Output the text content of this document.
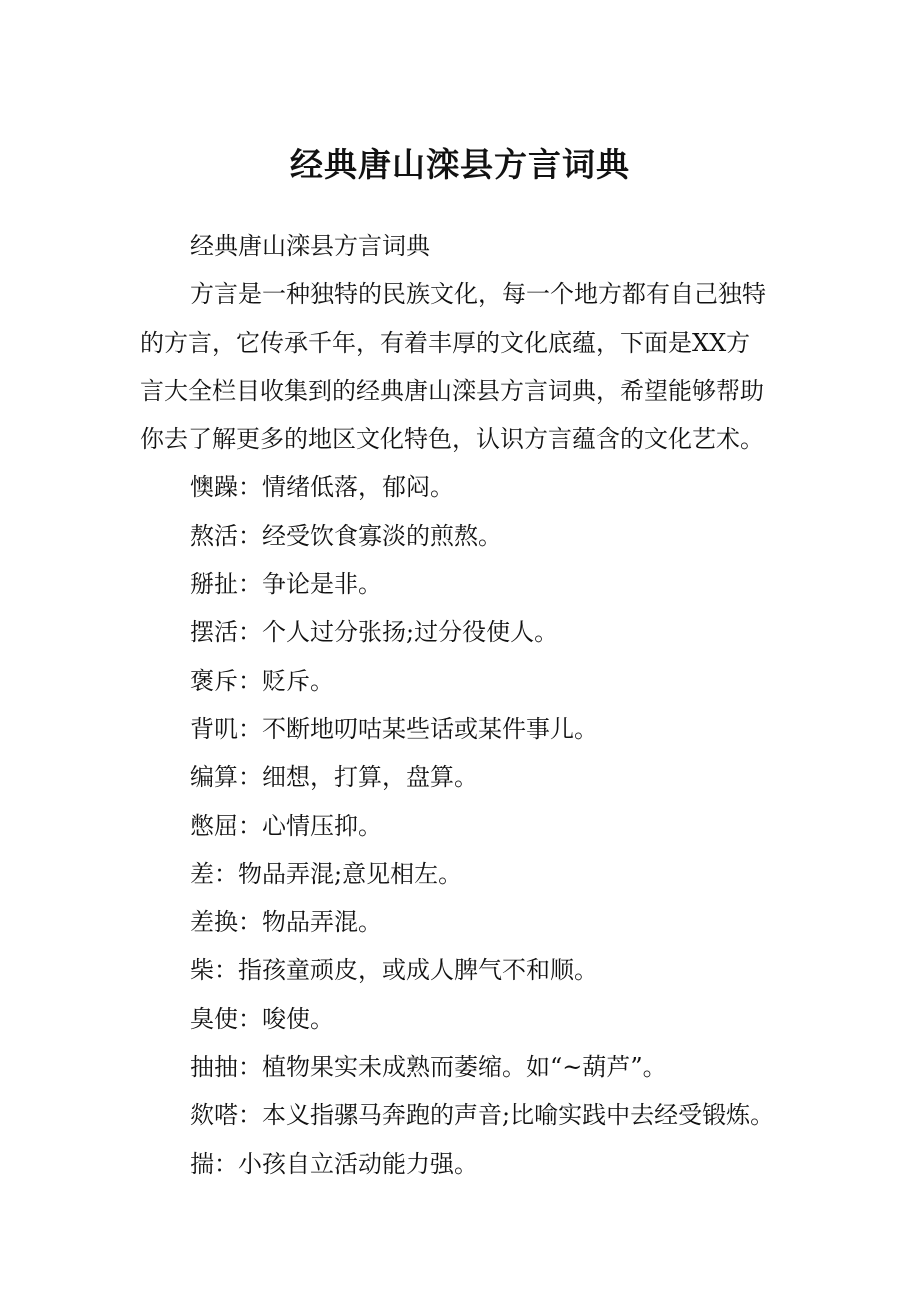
经典唐山滦县方言词典
经典唐山滦县方言词典
方言是一种独特的民族文化，每一个地方都有自己独特
的方言，它传承千年，有着丰厚的文化底蕴，下面是XX方
言大全栏目收集到的经典唐山滦县方言词典，希望能够帮助
你去了解更多的地区文化特色，认识方言蕴含的文化艺术。
懊躁：情绪低落，郁闷。
熬活：经受饮食寡淡的煎熬。
掰扯：争论是非。
摆活：个人过分张扬;过分役使人。
褒斥：贬斥。
背叽：不断地叨咕某些话或某件事儿。
编算：细想，打算，盘算。
憋屈：心情压抑。
差：物品弄混;意见相左。
差换：物品弄混。
柴：指孩童顽皮，或成人脾气不和顺。
臭使：唆使。
抽抽：植物果实未成熟而萎缩。如“~葫芦”。
欻嗒：本义指骡马奔跑的声音;比喻实践中去经受锻炼。
揣：小孩自立活动能力强。
